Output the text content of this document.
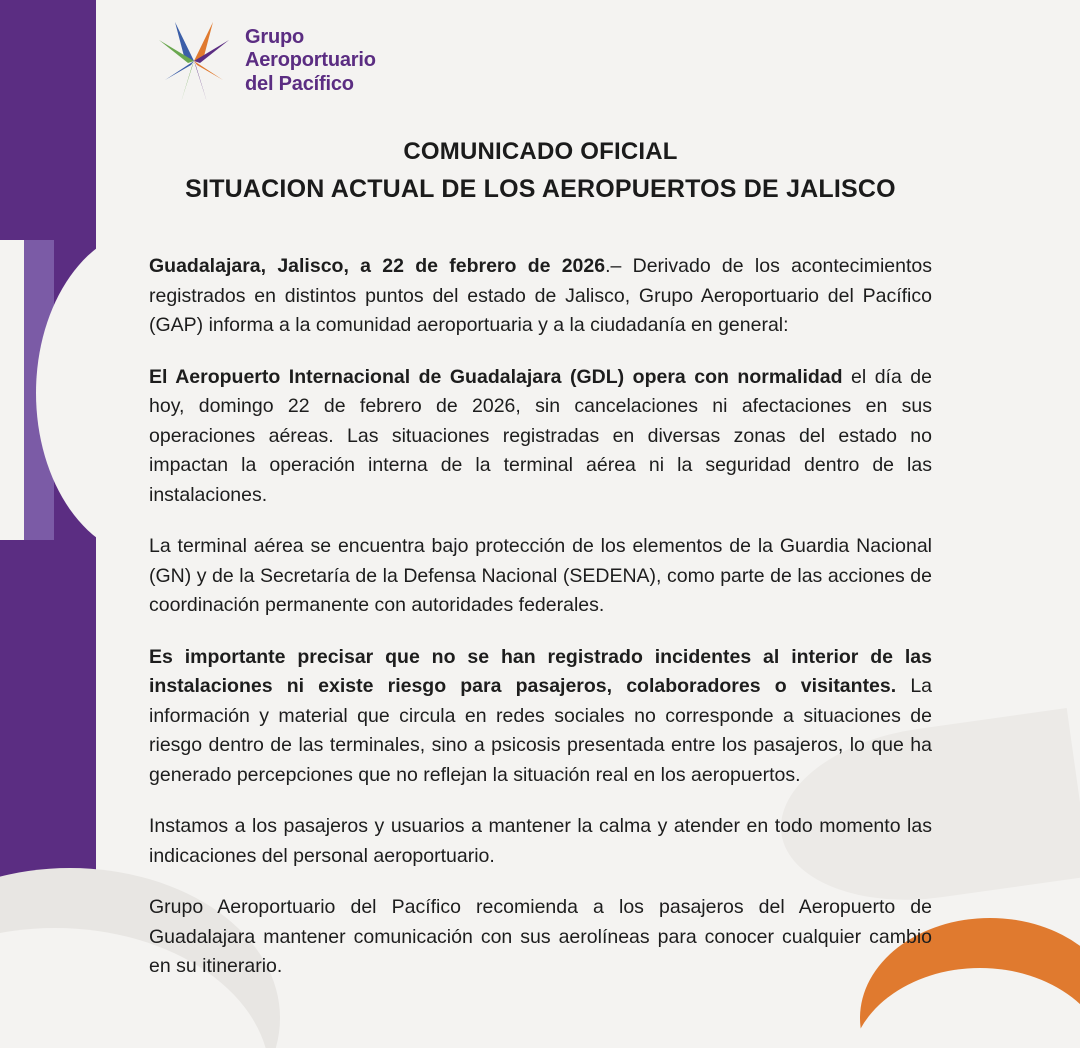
Grupo
Aeroportuario
del Pacífico
COMUNICADO OFICIAL
SITUACION ACTUAL DE LOS AEROPUERTOS DE JALISCO

Guadalajara, Jalisco, a 22 de febrero de 2026.– Derivado de los acontecimientos registrados en distintos puntos del estado de Jalisco, Grupo Aeroportuario del Pacífico (GAP) informa a la comunidad aeroportuaria y a la ciudadanía en general:

El Aeropuerto Internacional de Guadalajara (GDL) opera con normalidad el día de hoy, domingo 22 de febrero de 2026, sin cancelaciones ni afectaciones en sus operaciones aéreas. Las situaciones registradas en diversas zonas del estado no impactan la operación interna de la terminal aérea ni la seguridad dentro de las instalaciones.

La terminal aérea se encuentra bajo protección de los elementos de la Guardia Nacional (GN) y de la Secretaría de la Defensa Nacional (SEDENA), como parte de las acciones de coordinación permanente con autoridades federales.

Es importante precisar que no se han registrado incidentes al interior de las instalaciones ni existe riesgo para pasajeros, colaboradores o visitantes. La información y material que circula en redes sociales no corresponde a situaciones de riesgo dentro de las terminales, sino a psicosis presentada entre los pasajeros, lo que ha generado percepciones que no reflejan la situación real en los aeropuertos.

Instamos a los pasajeros y usuarios a mantener la calma y atender en todo momento las indicaciones del personal aeroportuario.

Grupo Aeroportuario del Pacífico recomienda a los pasajeros del Aeropuerto de Guadalajara mantener comunicación con sus aerolíneas para conocer cualquier cambio en su itinerario.
